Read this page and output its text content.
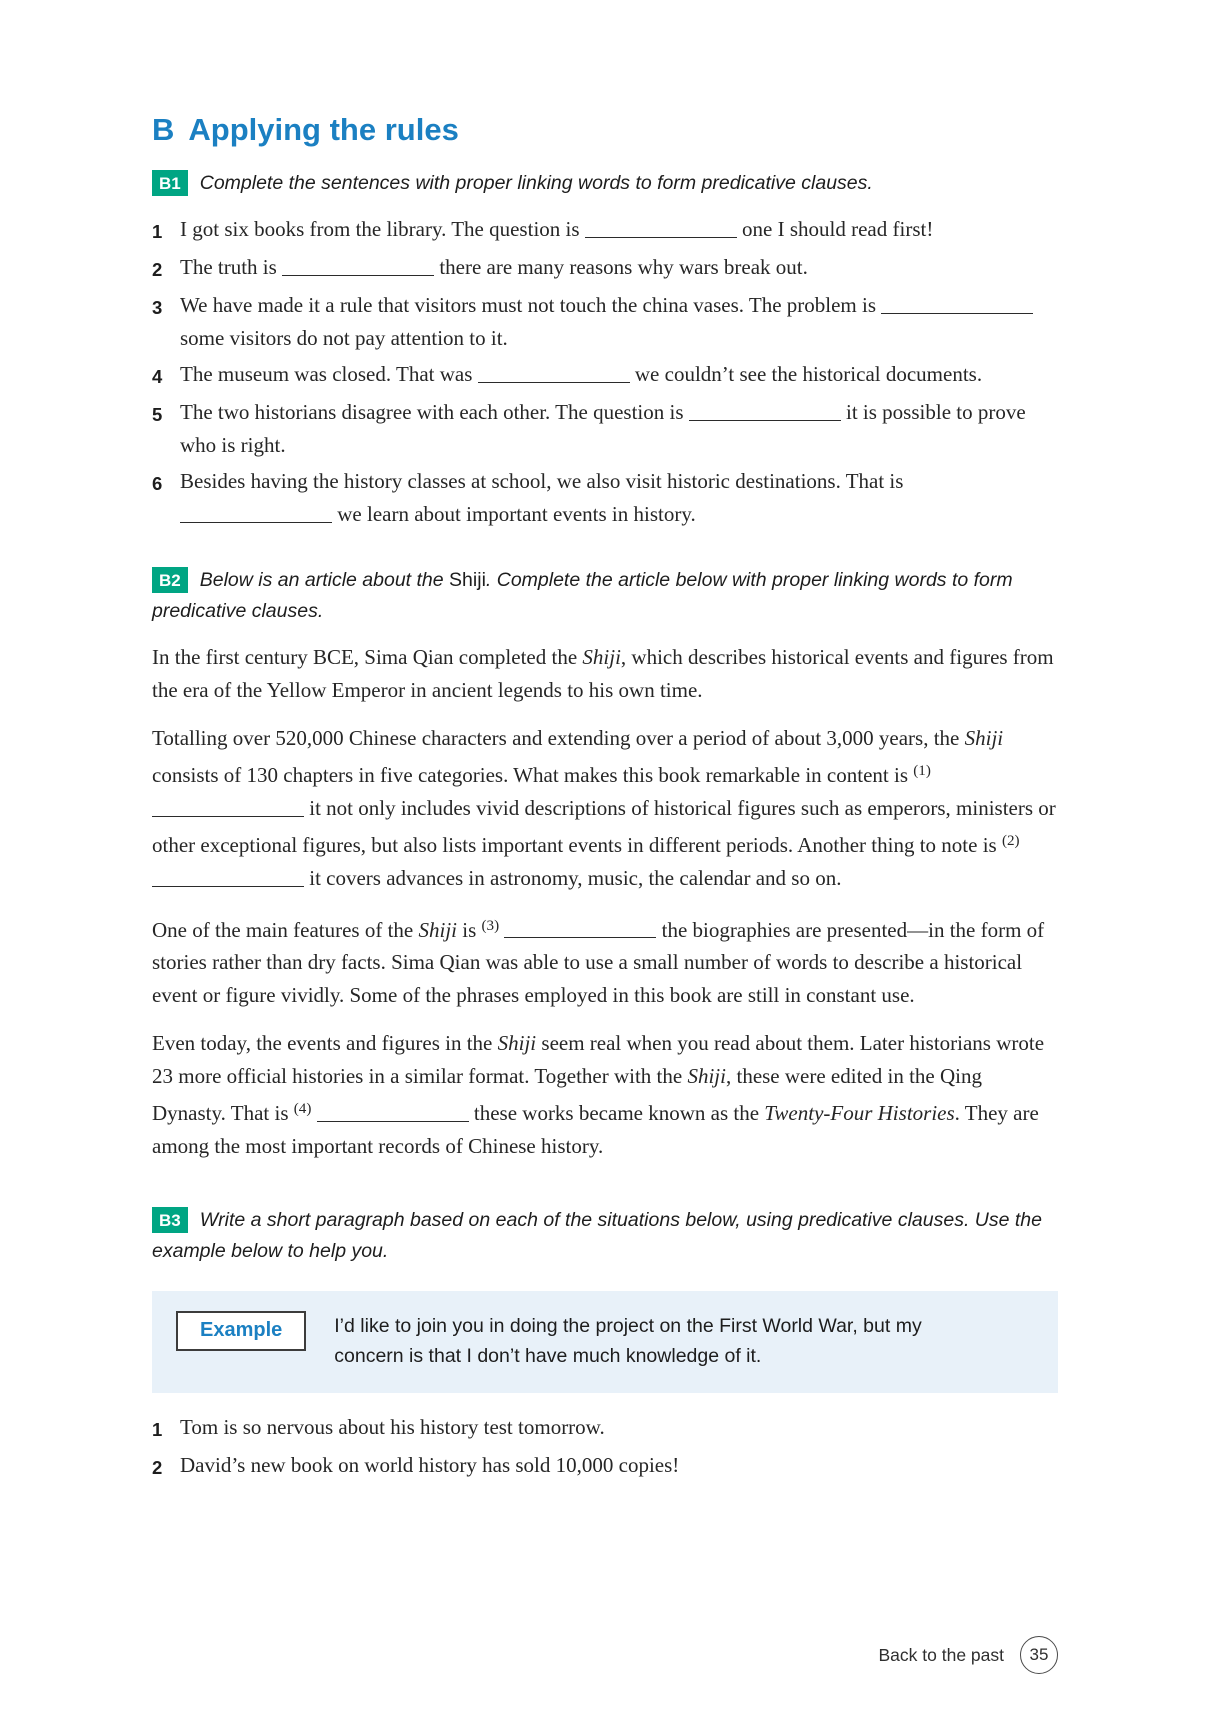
B Applying the rules
B1 Complete the sentences with proper linking words to form predicative clauses.
1 I got six books from the library. The question is	one I should read first!
2 The truth is	there are many reasons why wars break out.
3 We have made it a rule that visitors must not touch the china vases. The problem is  some visitors do not pay attention to it.
4 The museum was closed. That was	we couldn’t see the historical documents.
5 The two historians disagree with each other. The question is	it is possible to prove who is right.
6 Besides having the history classes at school, we also visit historic destinations. That is  we learn about important events in history.
B2 Below is an article about the Shiji. Complete the article below with proper linking words to form predicative clauses.

In the first century BCE, Sima Qian completed the Shiji, which describes historical events and figures from the era of the Yellow Emperor in ancient legends to his own time.

Totalling over 520,000 Chinese characters and extending over a period of about 3,000 years, the Shiji consists of 130 chapters in five categories. What makes this book remarkable in content is $^{(1)}$  it not only includes vivid descriptions of historical figures such as emperors, ministers or other exceptional figures, but also lists important events in different periods. Another thing to note is $^{(2)}$  it covers advances in astronomy, music, the calendar and so on.

One of the main features of the Shiji is $^{(3)}$	the biographies are presented—in the form of stories rather than dry facts. Sima Qian was able to use a small number of words to describe a historical event or figure vividly. Some of the phrases employed in this book are still in constant use.

Even today, the events and figures in the Shiji seem real when you read about them. Later historians wrote 23 more official histories in a similar format. Together with the Shiji, these were edited in the Qing Dynasty. That is $^{(4)}$	these works became known as the Twenty-Four Histories. They are among the most important records of Chinese history.

B3 Write a short paragraph based on each of the situations below, using predicative clauses. Use the example below to help you.
Example	I’d like to join you in doing the project on the First World War, but my concern is that I don’t have much knowledge of it.
1 Tom is so nervous about his history test tomorrow.
2 David’s new book on world history has sold 10,000 copies!
Back to the past 35
